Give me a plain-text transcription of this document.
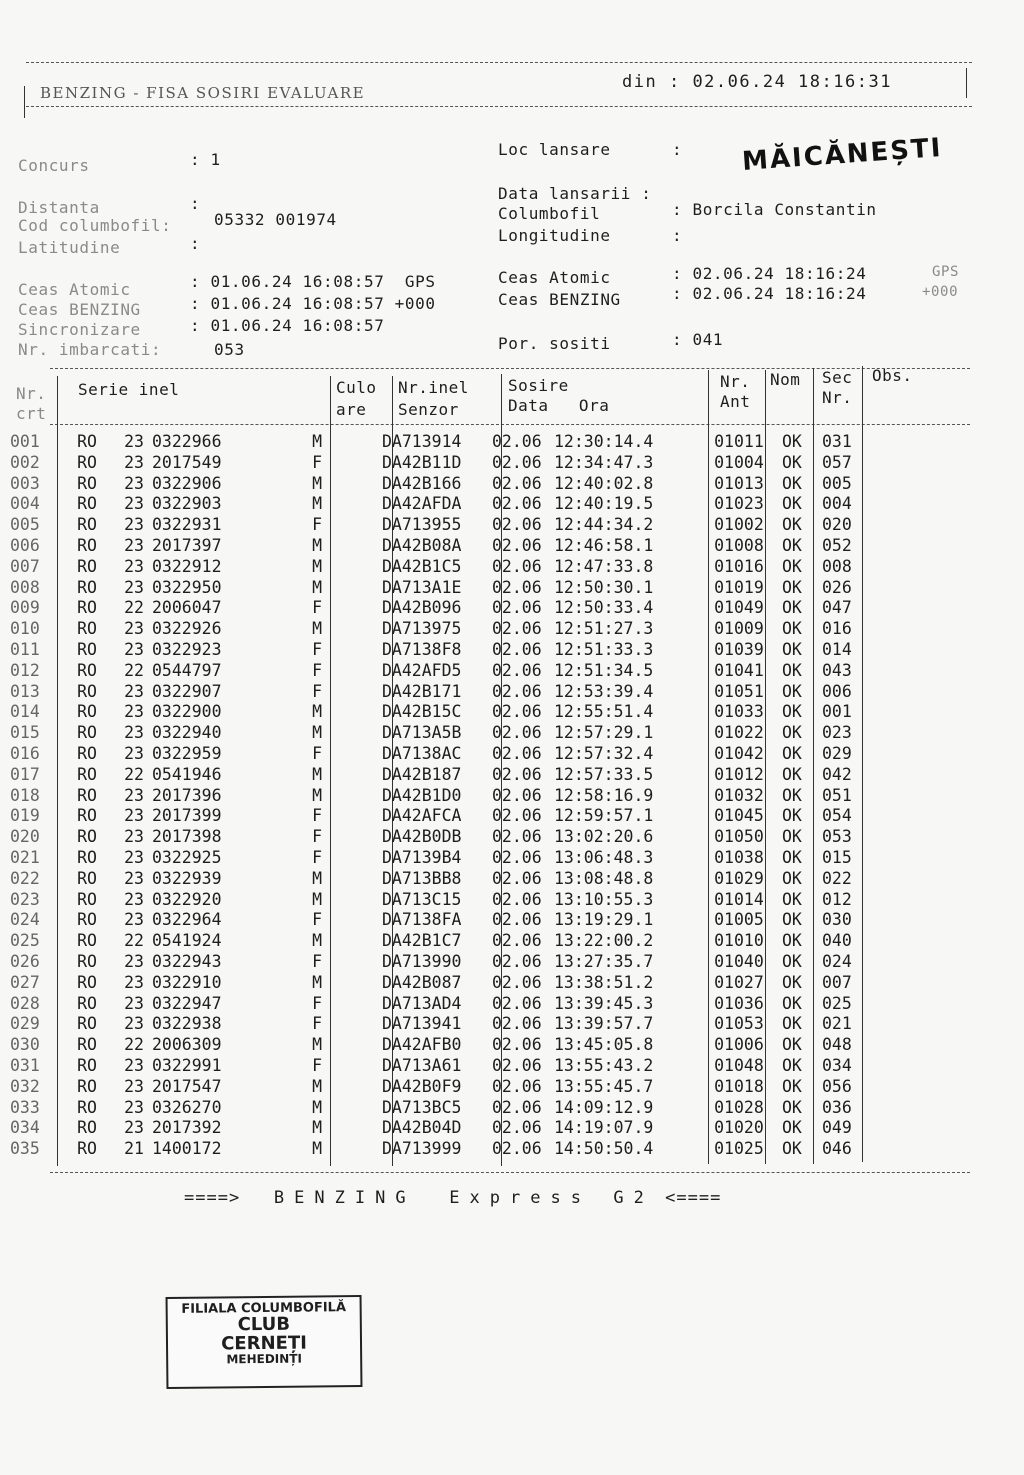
BENZING - FISA SOSIRI EVALUARE
din : 02.06.24 18:16:31
Concurs	: 1
Distanta	:
Cod columbofil:	05332 001974
Latitudine	:
Loc lansare	: MĂICĂNEȘTI
Data lansarii :
Columbofil	: Borcila Constantin
Longitudine	:
Ceas Atomic	: 01.06.24 16:08:57  GPS
Ceas BENZING	: 01.06.24 16:08:57 +000
Sincronizare	: 01.06.24 16:08:57
Nr. imbarcati:	053
Ceas Atomic	: 02.06.24 18:16:24	GPS
Ceas BENZING	: 02.06.24 18:16:24	+000
Por. sositi	: 041
Nr.
crt
Serie inel	Culo
are
Nr.inel
Senzor
Sosire
Data   Ora
Nr.
Ant
Nom Sec
Nr.
Obs.
001	RO	23	0322966	M		DA713914	02.06	12:30:14.4	01	011	OK	031
002	RO	23	2017549	F		DA42B11D	02.06	12:34:47.3	01	004	OK	057
003	RO	23	0322906	M		DA42B166	02.06	12:40:02.8	01	013	OK	005
004	RO	23	0322903	M		DA42AFDA	02.06	12:40:19.5	01	023	OK	004
005	RO	23	0322931	F		DA713955	02.06	12:44:34.2	01	002	OK	020
006	RO	23	2017397	M		DA42B08A	02.06	12:46:58.1	01	008	OK	052
007	RO	23	0322912	M		DA42B1C5	02.06	12:47:33.8	01	016	OK	008
008	RO	23	0322950	M		DA713A1E	02.06	12:50:30.1	01	019	OK	026
009	RO	22	2006047	F		DA42B096	02.06	12:50:33.4	01	049	OK	047
010	RO	23	0322926	M		DA713975	02.06	12:51:27.3	01	009	OK	016
011	RO	23	0322923	F		DA7138F8	02.06	12:51:33.3	01	039	OK	014
012	RO	22	0544797	F		DA42AFD5	02.06	12:51:34.5	01	041	OK	043
013	RO	23	0322907	F		DA42B171	02.06	12:53:39.4	01	051	OK	006
014	RO	23	0322900	M		DA42B15C	02.06	12:55:51.4	01	033	OK	001
015	RO	23	0322940	M		DA713A5B	02.06	12:57:29.1	01	022	OK	023
016	RO	23	0322959	F		DA7138AC	02.06	12:57:32.4	01	042	OK	029
017	RO	22	0541946	M		DA42B187	02.06	12:57:33.5	01	012	OK	042
018	RO	23	2017396	M		DA42B1D0	02.06	12:58:16.9	01	032	OK	051
019	RO	23	2017399	F		DA42AFCA	02.06	12:59:57.1	01	045	OK	054
020	RO	23	2017398	F		DA42B0DB	02.06	13:02:20.6	01	050	OK	053
021	RO	23	0322925	F		DA7139B4	02.06	13:06:48.3	01	038	OK	015
022	RO	23	0322939	M		DA713BB8	02.06	13:08:48.8	01	029	OK	022
023	RO	23	0322920	M		DA713C15	02.06	13:10:55.3	01	014	OK	012
024	RO	23	0322964	F		DA7138FA	02.06	13:19:29.1	01	005	OK	030
025	RO	22	0541924	M		DA42B1C7	02.06	13:22:00.2	01	010	OK	040
026	RO	23	0322943	F		DA713990	02.06	13:27:35.7	01	040	OK	024
027	RO	23	0322910	M		DA42B087	02.06	13:38:51.2	01	027	OK	007
028	RO	23	0322947	F		DA713AD4	02.06	13:39:45.3	01	036	OK	025
029	RO	23	0322938	F		DA713941	02.06	13:39:57.7	01	053	OK	021
030	RO	22	2006309	M		DA42AFB0	02.06	13:45:05.8	01	006	OK	048
031	RO	23	0322991	F		DA713A61	02.06	13:55:43.2	01	048	OK	034
032	RO	23	2017547	M		DA42B0F9	02.06	13:55:45.7	01	018	OK	056
033	RO	23	0326270	M		DA713BC5	02.06	14:09:12.9	01	028	OK	036
034	RO	23	2017392	M		DA42B04D	02.06	14:19:07.9	01	020	OK	049
035	RO	21	1400172	M		DA713999	02.06	14:50:50.4	01	025	OK	046
====> BENZING Express G2 <====
FILIALA COLUMBOFILĂ
CLUB
CERNEȚI
MEHEDINȚI
